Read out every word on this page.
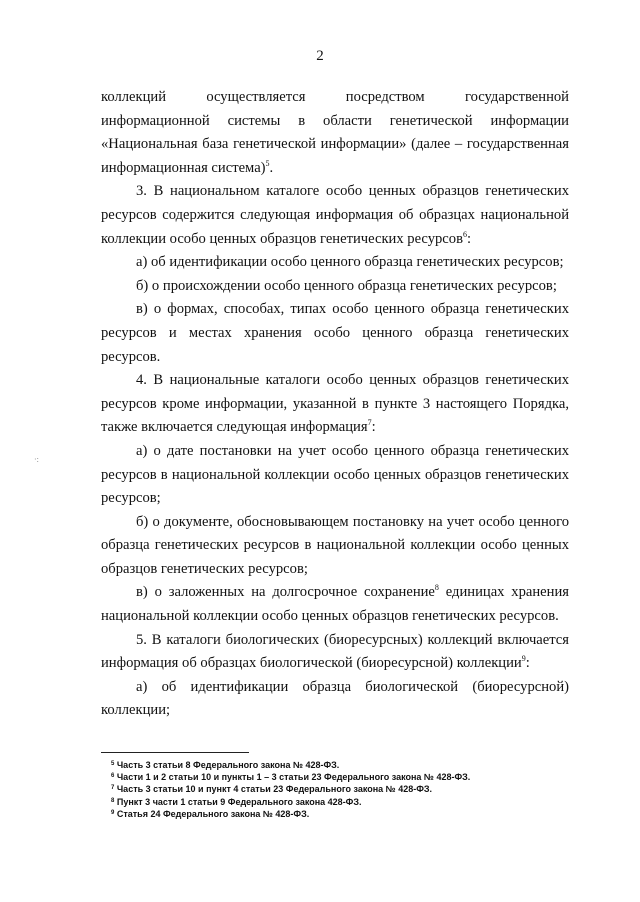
2
·:

коллекций осуществляется посредством государственной информационной системы в области генетической информации «Национальная база генетической информации» (далее – государственная информационная система)$^5$.

3. В национальном каталоге особо ценных образцов генетических ресурсов содержится следующая информация об образцах национальной коллекции особо ценных образцов генетических ресурсов$^6$:

а) об идентификации особо ценного образца генетических ресурсов;

б) о происхождении особо ценного образца генетических ресурсов;

в) о формах, способах, типах особо ценного образца генетических ресурсов и местах хранения особо ценного образца генетических ресурсов.

4. В национальные каталоги особо ценных образцов генетических ресурсов кроме информации, указанной в пункте 3 настоящего Порядка, также включается следующая информация$^7$:

а) о дате постановки на учет особо ценного образца генетических ресурсов в национальной коллекции особо ценных образцов генетических ресурсов;

б) о документе, обосновывающем постановку на учет особо ценного образца генетических ресурсов в национальной коллекции особо ценных образцов генетических ресурсов;

в) о заложенных на долгосрочное сохранение$^8$ единицах хранения национальной коллекции особо ценных образцов генетических ресурсов.

5. В каталоги биологических (биоресурсных) коллекций включается информация об образцах биологической (биоресурсной) коллекции$^9$:

а) об идентификации образца биологической (биоресурсной) коллекции;

$^5$ Часть 3 статьи 8 Федерального закона № 428-ФЗ.
$^6$ Части 1 и 2 статьи 10 и пункты 1 – 3 статьи 23 Федерального закона № 428-ФЗ.
$^7$ Часть 3 статьи 10 и пункт 4 статьи 23 Федерального закона № 428-ФЗ.
$^8$ Пункт 3 части 1 статьи 9 Федерального закона 428-ФЗ.
$^9$ Статья 24 Федерального закона № 428-ФЗ.
